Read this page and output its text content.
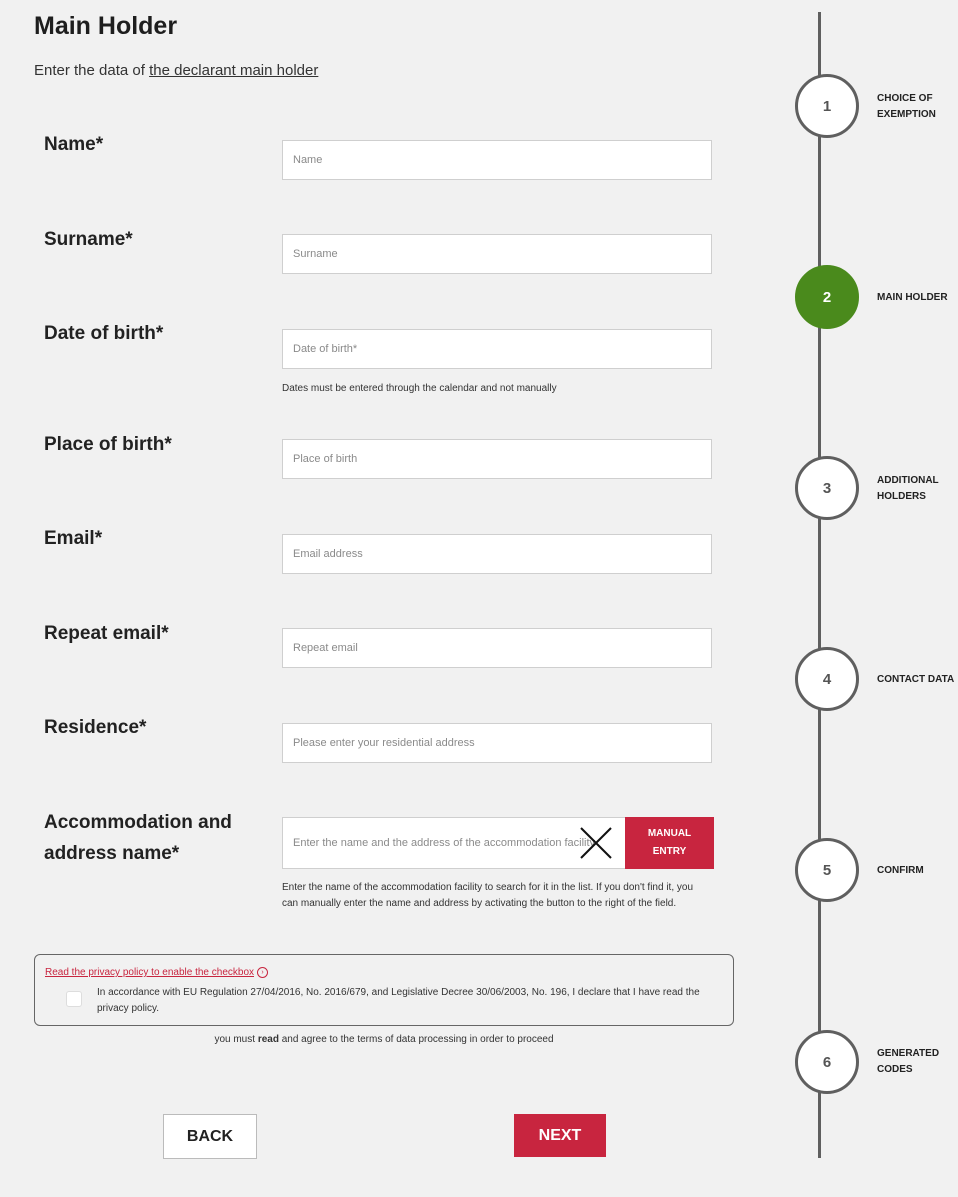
Main Holder
Enter the data of the declarant main holder
Name*
Name
Surname*
Surname
Date of birth*
Date of birth*
Dates must be entered through the calendar and not manually
Place of birth*
Place of birth
Email*
Email address
Repeat email*
Repeat email
Residence*
Please enter your residential address
Accommodation and
address name*
Enter the name and the address of the accommodation facility
MANUAL
ENTRY
Enter the name of the accommodation facility to search for it in the list. If you don't find it, you
can manually enter the name and address by activating the button to the right of the field.
Read the privacy policy to enable the checkbox ›
In accordance with EU Regulation 27/04/2016, No. 2016/679, and Legislative Decree 30/06/2003, No. 196, I declare that I have read the privacy policy.
you must read and agree to the terms of data processing in order to proceed
BACK	NEXT
1	CHOICE OF
EXEMPTION
2	MAIN HOLDER
3	ADDITIONAL
HOLDERS
4	CONTACT DATA
5	CONFIRM
6	GENERATED
CODES
